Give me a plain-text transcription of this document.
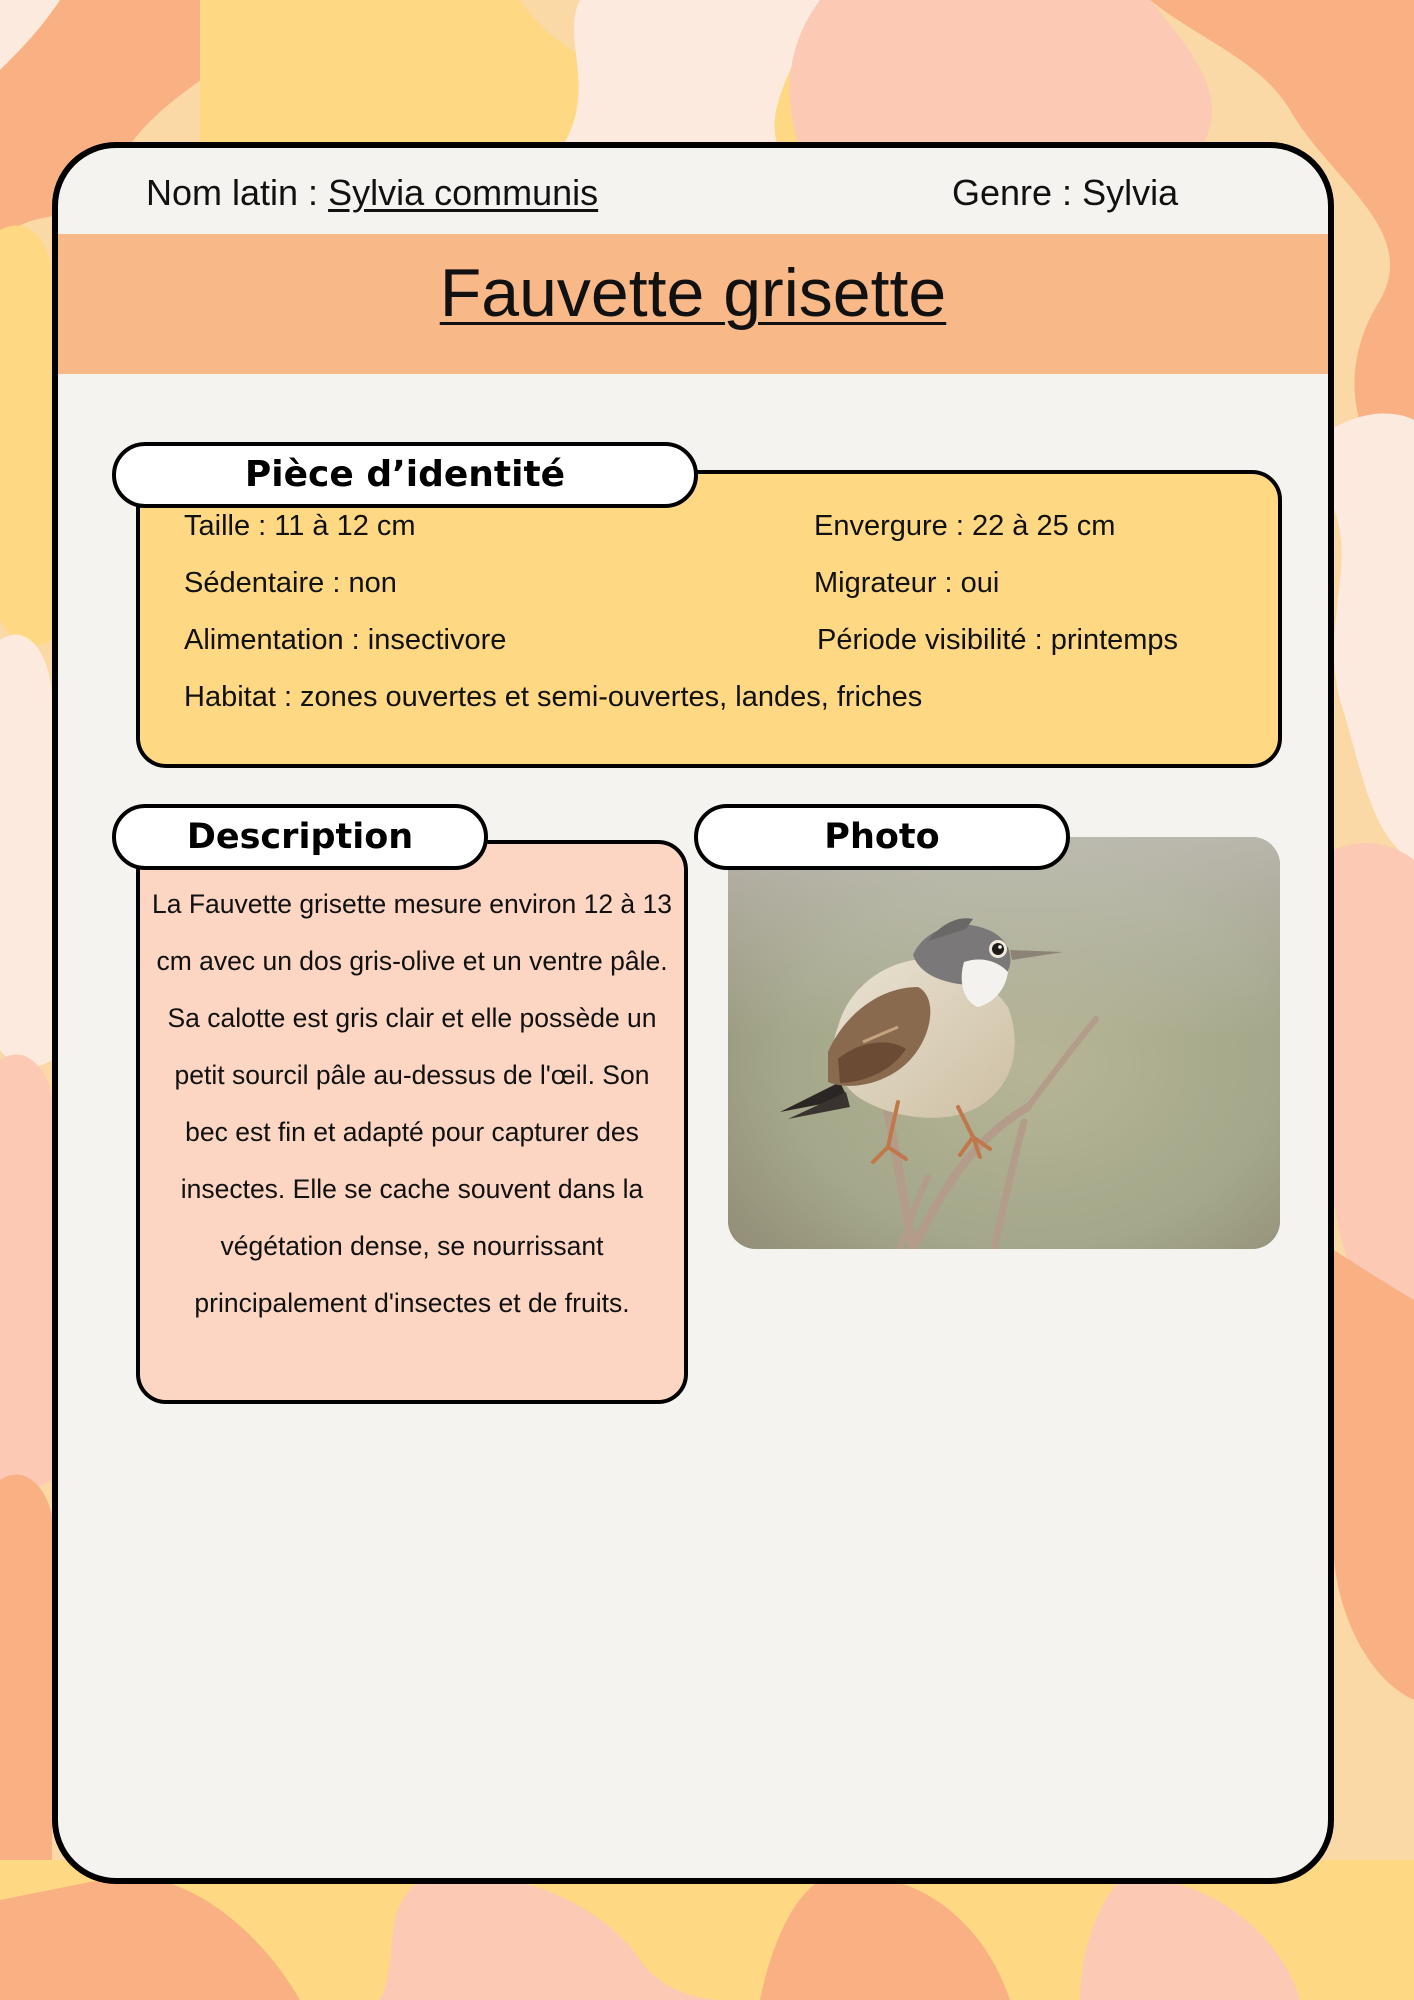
Nom latin : Sylvia communis	Genre : Sylvia
Fauvette grisette
Taille : 11 à 12 cm	Envergure : 22 à 25 cm
Sédentaire : non	Migrateur : oui
Alimentation : insectivore	Période visibilité : printemps
Habitat : zones ouvertes et semi-ouvertes, landes, friches
Pièce d’identité

La Fauvette grisette mesure environ 12 à 13 cm avec un dos gris-olive et un ventre pâle. Sa calotte est gris clair et elle possède un petit sourcil pâle au-dessus de l'œil. Son bec est fin et adapté pour capturer des insectes. Elle se cache souvent dans la végétation dense, se nourrissant principalement d'insectes et de fruits.

Description	Photo
